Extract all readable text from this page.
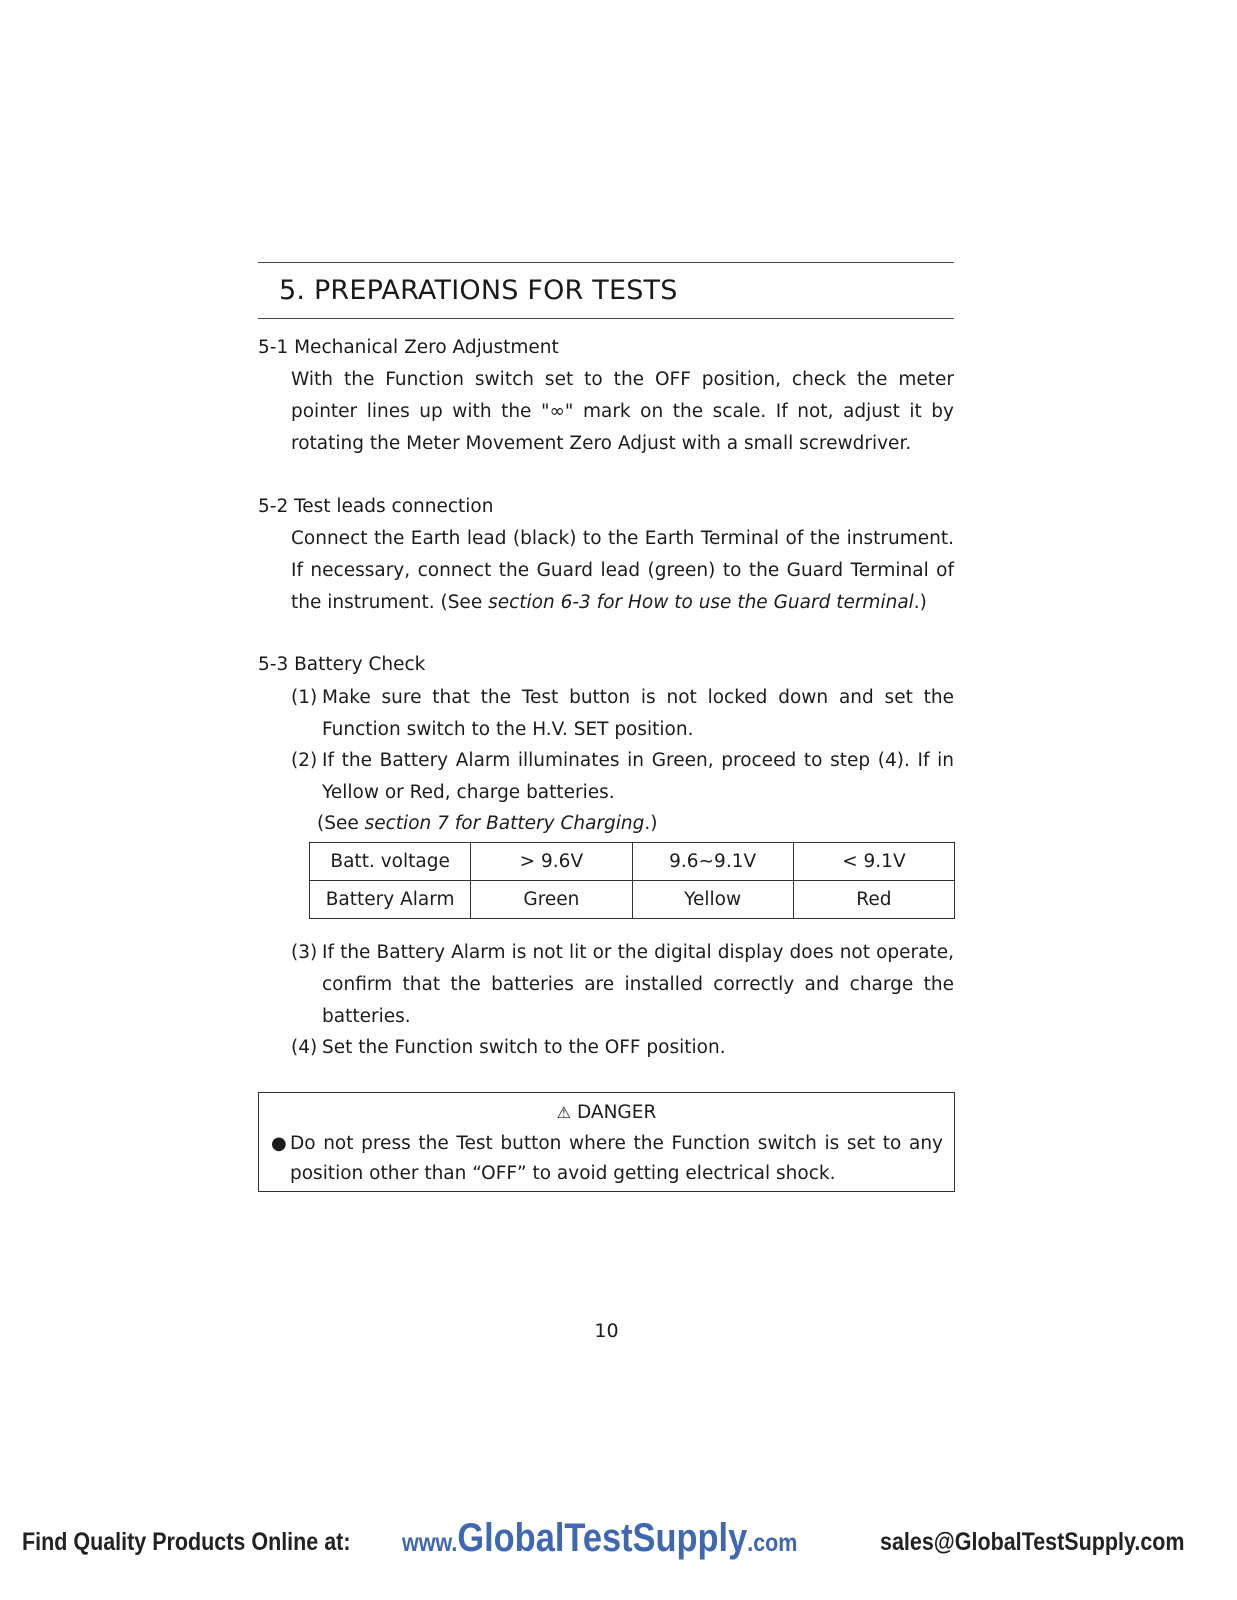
5. PREPARATIONS FOR TESTS
5-1 Mechanical Zero Adjustment

With the Function switch set to the OFF position, check the meter pointer lines up with the "∞" mark on the scale. If not, adjust it by rotating the Meter Movement Zero Adjust with a small screwdriver.

5-2 Test leads connection

Connect the Earth lead (black) to the Earth Terminal of the instrument. If necessary, connect the Guard lead (green) to the Guard Terminal of the instrument. (See section 6-3 for How to use the Guard terminal.)

5-3 Battery Check

(1) Make sure that the Test button is not locked down and set the Function switch to the H.V. SET position.

(2) If the Battery Alarm illuminates in Green, proceed to step (4). If in Yellow or Red, charge batteries.

(See section 7 for Battery Charging.)
Batt. voltage	> 9.6V	9.6∼9.1V	< 9.1V
Battery Alarm	Green	Yellow	Red

(3) If the Battery Alarm is not lit or the digital display does not operate, confirm that the batteries are installed correctly and charge the batteries.

(4) Set the Function switch to the OFF position.

⚠ DANGER

● Do not press the Test button where the Function switch is set to any position other than “OFF” to avoid getting electrical shock.

10
Find Quality Products Online at: www.GlobalTestSupply.com	sales@GlobalTestSupply.com
